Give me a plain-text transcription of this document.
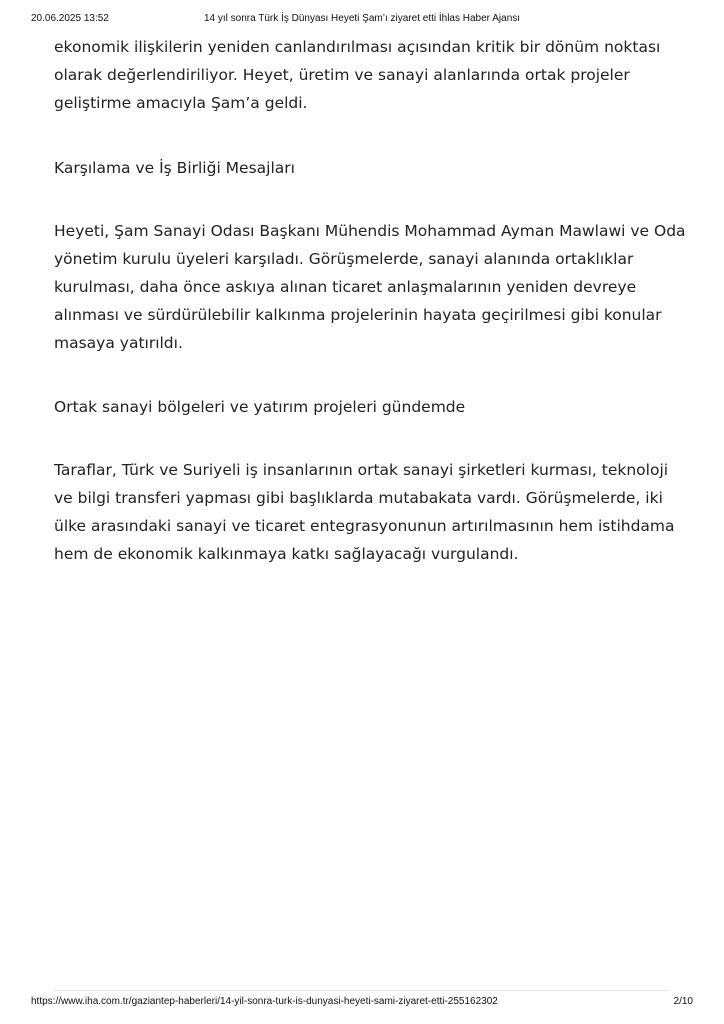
20.06.2025 13:52	14 yıl sonra Türk İş Dünyası Heyeti Şam’ı ziyaret etti İhlas Haber Ajansı

ekonomik ilişkilerin yeniden canlandırılması açısından kritik bir dönüm noktası olarak değerlendiriliyor. Heyet, üretim ve sanayi alanlarında ortak projeler geliştirme amacıyla Şam’a geldi.

Karşılama ve İş Birliği Mesajları

Heyeti, Şam Sanayi Odası Başkanı Mühendis Mohammad Ayman Mawlawi ve Oda yönetim kurulu üyeleri karşıladı. Görüşmelerde, sanayi alanında ortaklıklar kurulması, daha önce askıya alınan ticaret anlaşmalarının yeniden devreye alınması ve sürdürülebilir kalkınma projelerinin hayata geçirilmesi gibi konular masaya yatırıldı.

Ortak sanayi bölgeleri ve yatırım projeleri gündemde

Taraflar, Türk ve Suriyeli iş insanlarının ortak sanayi şirketleri kurması, teknoloji ve bilgi transferi yapması gibi başlıklarda mutabakata vardı. Görüşmelerde, iki ülke arasındaki sanayi ve ticaret entegrasyonunun artırılmasının hem istihdama hem de ekonomik kalkınmaya katkı sağlayacağı vurgulandı.

https://www.iha.com.tr/gaziantep-haberleri/14-yil-sonra-turk-is-dunyasi-heyeti-sami-ziyaret-etti-255162302	2/10
